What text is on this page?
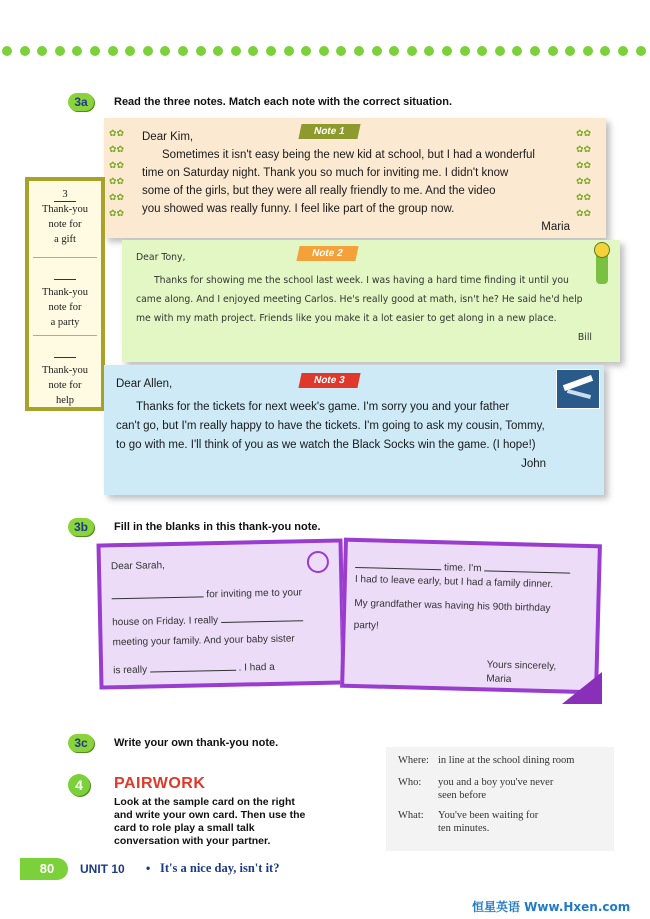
3a	Read the three notes. Match each note with the correct situation.
✿✿
✿✿
✿✿
✿✿
✿✿
✿✿
✿✿
✿✿
✿✿
✿✿
✿✿
✿✿
Note 1

Dear Kim,

Sometimes it isn't easy being the new kid at school, but I had a wonderful

time on Saturday night. Thank you so much for inviting me. I didn't know

some of the girls, but they were all really friendly to me. And the video

you showed was really funny. I feel like part of the group now.

Maria

Note 2

Dear Tony,

Thanks for showing me the school last week. I was having a hard time finding it until you

came along. And I enjoyed meeting Carlos. He's really good at math, isn't he? He said he'd help

me with my math project. Friends like you make it a lot easier to get along in a new place.

Bill

3
Thank-you
note for
a gift

Thank-you
note for
a party

Thank-you
note for
help
Note 3

Dear Allen,

Thanks for the tickets for next week's game. I'm sorry you and your father

can't go, but I'm really happy to have the tickets. I'm going to ask my cousin, Tommy,

to go with me. I'll think of you as we watch the Black Socks win the game. (I hope!)

John

3b	Fill in the blanks in this thank-you note.
Dear Sarah,
for inviting me to your
house on Friday. I really
meeting your family. And your baby sister
is really	. I had a
time. I'm
I had to leave early, but I had a family dinner.
My grandfather was having his 90th birthday
party!
Yours sincerely,
Maria
3c	Write your own thank-you note.
4	PAIRWORK
Look at the sample card on the right
and write your own card. Then use the
card to role play a small talk
conversation with your partner.
Where: in line at the school dining room
Who: you and a boy you've never
seen before
What: You've been waiting for
ten minutes.
80	UNIT 10 • It's a nice day, isn't it?
恒星英语 Www.Hxen.com
